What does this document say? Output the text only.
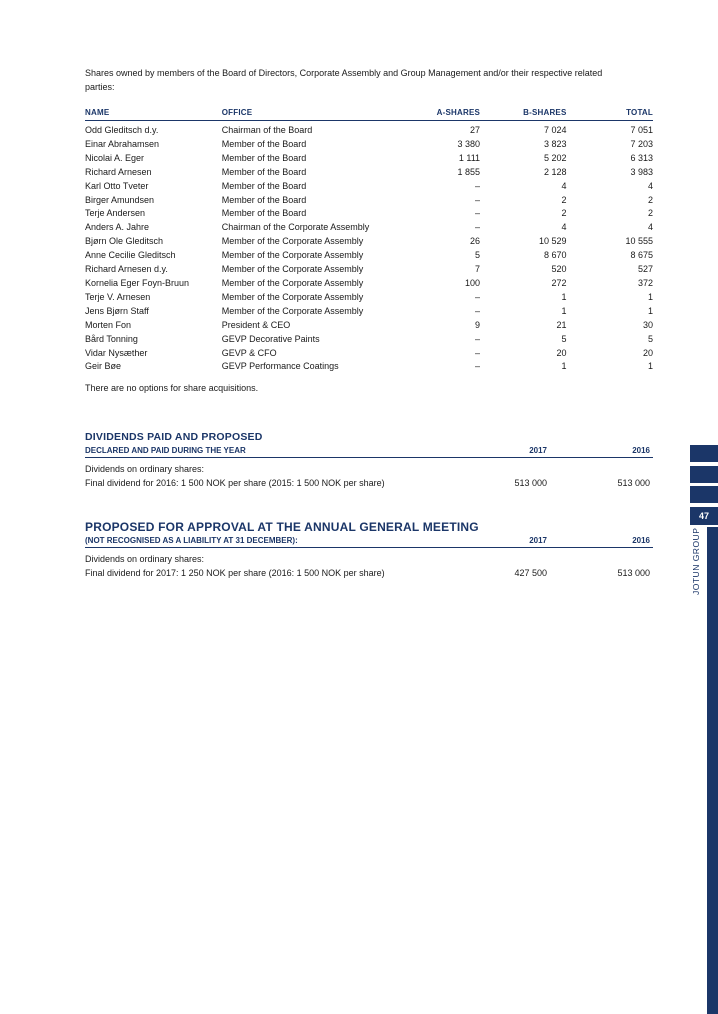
Shares owned by members of the Board of Directors, Corporate Assembly and Group Management and/or their respective related parties:
NAME	OFFICE	A-SHARES	B-SHARES	TOTAL
Odd Gleditsch d.y.	Chairman of the Board	27	7 024	7 051
Einar Abrahamsen	Member of the Board	3 380	3 823	7 203
Nicolai A. Eger	Member of the Board	1 111	5 202	6 313
Richard Arnesen	Member of the Board	1 855	2 128	3 983
Karl Otto Tveter	Member of the Board	–	4	4
Birger Amundsen	Member of the Board	–	2	2
Terje Andersen	Member of the Board	–	2	2
Anders A. Jahre	Chairman of the Corporate Assembly	–	4	4
Bjørn Ole Gleditsch	Member of the Corporate Assembly	26	10 529	10 555
Anne Cecilie Gleditsch	Member of the Corporate Assembly	5	8 670	8 675
Richard Arnesen d.y.	Member of the Corporate Assembly	7	520	527
Kornelia Eger Foyn-Bruun	Member of the Corporate Assembly	100	272	372
Terje V. Arnesen	Member of the Corporate Assembly	–	1	1
Jens Bjørn Staff	Member of the Corporate Assembly	–	1	1
Morten Fon	President & CEO	9	21	30
Bård Tonning	GEVP Decorative Paints	–	5	5
Vidar Nysæther	GEVP & CFO	–	20	20
Geir Bøe	GEVP Performance Coatings	–	1	1
There are no options for share acquisitions.
DIVIDENDS PAID AND PROPOSED
DECLARED AND PAID DURING THE YEAR	2017	2016
Dividends on ordinary shares:
Final dividend for 2016: 1 500 NOK per share (2015: 1 500 NOK per share)	513 000	513 000
PROPOSED FOR APPROVAL AT THE ANNUAL GENERAL MEETING
(NOT RECOGNISED AS A LIABILITY AT 31 DECEMBER):	2017	2016
Dividends on ordinary shares:
Final dividend for 2017: 1 250 NOK per share (2016: 1 500 NOK per share)	427 500	513 000
47
JOTUN GROUP
